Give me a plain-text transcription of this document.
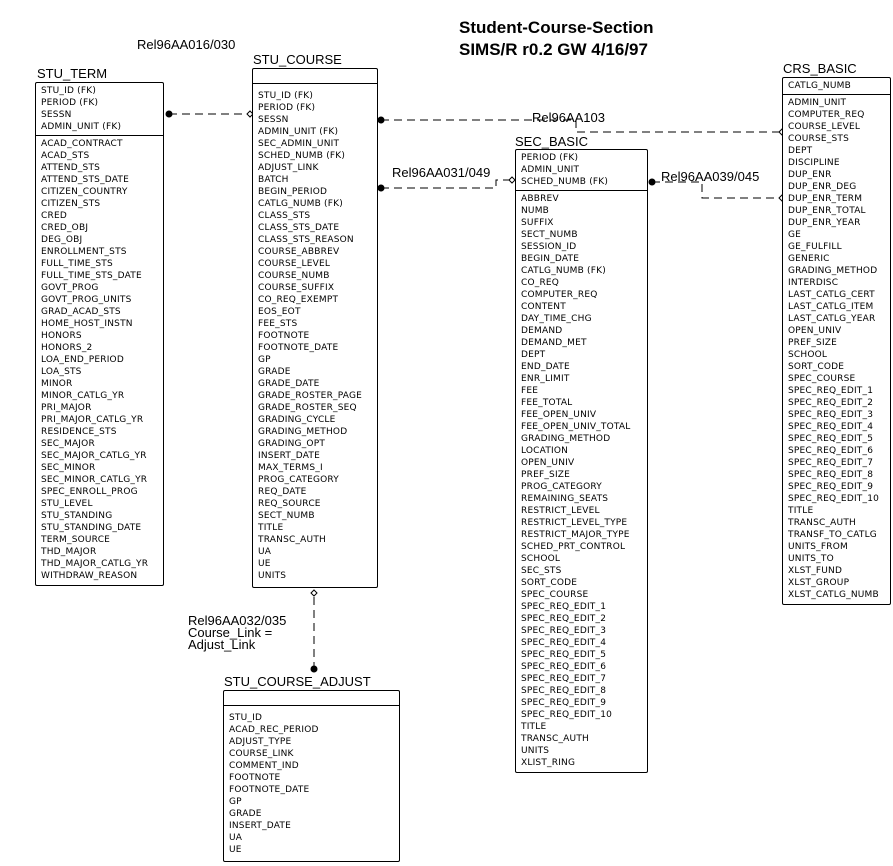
Student-Course-Section
SIMS/R r0.2 GW 4/16/97
Rel96AA016/030
Rel96AA103
Rel96AA031/049	Rel96AA039/045
Rel96AA032/035
Course_Link =
Adjust_Link
STU_TERM
STU_ID (FK)
PERIOD (FK)
SESSN
ADMIN_UNIT (FK)
ACAD_CONTRACT
ACAD_STS
ATTEND_STS
ATTEND_STS_DATE
CITIZEN_COUNTRY
CITIZEN_STS
CRED
CRED_OBJ
DEG_OBJ
ENROLLMENT_STS
FULL_TIME_STS
FULL_TIME_STS_DATE
GOVT_PROG
GOVT_PROG_UNITS
GRAD_ACAD_STS
HOME_HOST_INSTN
HONORS
HONORS_2
LOA_END_PERIOD
LOA_STS
MINOR
MINOR_CATLG_YR
PRI_MAJOR
PRI_MAJOR_CATLG_YR
RESIDENCE_STS
SEC_MAJOR
SEC_MAJOR_CATLG_YR
SEC_MINOR
SEC_MINOR_CATLG_YR
SPEC_ENROLL_PROG
STU_LEVEL
STU_STANDING
STU_STANDING_DATE
TERM_SOURCE
THD_MAJOR
THD_MAJOR_CATLG_YR
WITHDRAW_REASON
STU_COURSE
STU_ID (FK)
PERIOD (FK)
SESSN
ADMIN_UNIT (FK)
SEC_ADMIN_UNIT
SCHED_NUMB (FK)
ADJUST_LINK
BATCH
BEGIN_PERIOD
CATLG_NUMB (FK)
CLASS_STS
CLASS_STS_DATE
CLASS_STS_REASON
COURSE_ABBREV
COURSE_LEVEL
COURSE_NUMB
COURSE_SUFFIX
CO_REQ_EXEMPT
EOS_EOT
FEE_STS
FOOTNOTE
FOOTNOTE_DATE
GP
GRADE
GRADE_DATE
GRADE_ROSTER_PAGE
GRADE_ROSTER_SEQ
GRADING_CYCLE
GRADING_METHOD
GRADING_OPT
INSERT_DATE
MAX_TERMS_I
PROG_CATEGORY
REQ_DATE
REQ_SOURCE
SECT_NUMB
TITLE
TRANSC_AUTH
UA
UE
UNITS
SEC_BASIC
PERIOD (FK)
ADMIN_UNIT
SCHED_NUMB (FK)
ABBREV
NUMB
SUFFIX
SECT_NUMB
SESSION_ID
BEGIN_DATE
CATLG_NUMB (FK)
CO_REQ
COMPUTER_REQ
CONTENT
DAY_TIME_CHG
DEMAND
DEMAND_MET
DEPT
END_DATE
ENR_LIMIT
FEE
FEE_TOTAL
FEE_OPEN_UNIV
FEE_OPEN_UNIV_TOTAL
GRADING_METHOD
LOCATION
OPEN_UNIV
PREF_SIZE
PROG_CATEGORY
REMAINING_SEATS
RESTRICT_LEVEL
RESTRICT_LEVEL_TYPE
RESTRICT_MAJOR_TYPE
SCHED_PRT_CONTROL
SCHOOL
SEC_STS
SORT_CODE
SPEC_COURSE
SPEC_REQ_EDIT_1
SPEC_REQ_EDIT_2
SPEC_REQ_EDIT_3
SPEC_REQ_EDIT_4
SPEC_REQ_EDIT_5
SPEC_REQ_EDIT_6
SPEC_REQ_EDIT_7
SPEC_REQ_EDIT_8
SPEC_REQ_EDIT_9
SPEC_REQ_EDIT_10
TITLE
TRANSC_AUTH
UNITS
XLIST_RING
CRS_BASIC
CATLG_NUMB
ADMIN_UNIT
COMPUTER_REQ
COURSE_LEVEL
COURSE_STS
DEPT
DISCIPLINE
DUP_ENR
DUP_ENR_DEG
DUP_ENR_TERM
DUP_ENR_TOTAL
DUP_ENR_YEAR
GE
GE_FULFILL
GENERIC
GRADING_METHOD
INTERDISC
LAST_CATLG_CERT
LAST_CATLG_ITEM
LAST_CATLG_YEAR
OPEN_UNIV
PREF_SIZE
SCHOOL
SORT_CODE
SPEC_COURSE
SPEC_REQ_EDIT_1
SPEC_REQ_EDIT_2
SPEC_REQ_EDIT_3
SPEC_REQ_EDIT_4
SPEC_REQ_EDIT_5
SPEC_REQ_EDIT_6
SPEC_REQ_EDIT_7
SPEC_REQ_EDIT_8
SPEC_REQ_EDIT_9
SPEC_REQ_EDIT_10
TITLE
TRANSC_AUTH
TRANSF_TO_CATLG
UNITS_FROM
UNITS_TO
XLST_FUND
XLST_GROUP
XLST_CATLG_NUMB
STU_COURSE_ADJUST
STU_ID
ACAD_REC_PERIOD
ADJUST_TYPE
COURSE_LINK
COMMENT_IND
FOOTNOTE
FOOTNOTE_DATE
GP
GRADE
INSERT_DATE
UA
UE
